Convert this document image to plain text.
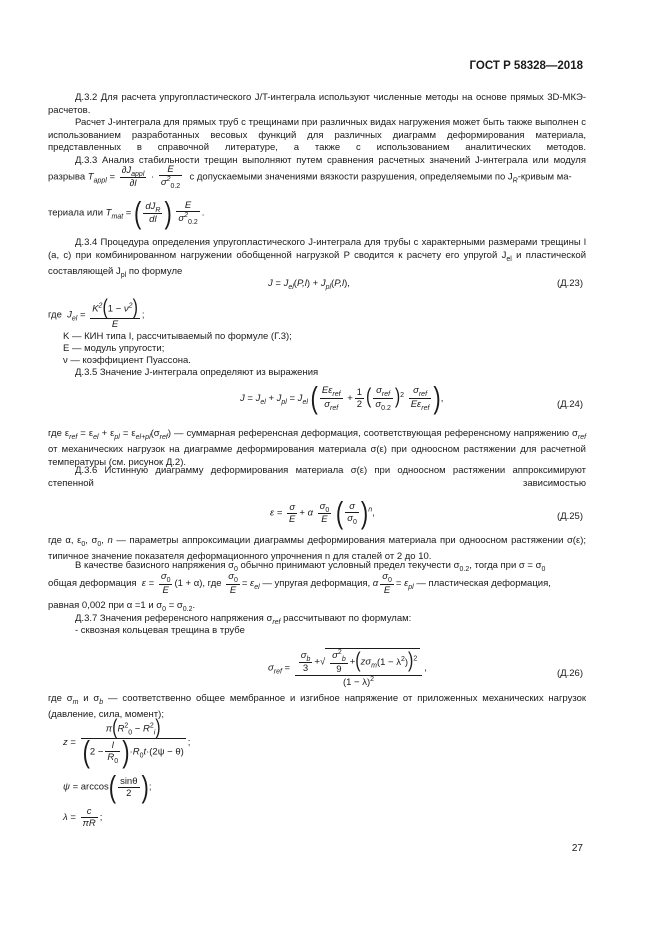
ГОСТ Р 58328—2018
Д.3.2 Для расчета упругопластического J/T-интеграла используют численные методы на основе прямых 3D-МКЭ-расчетов.
Расчет J-интеграла для прямых труб с трещинами при различных видах нагружения может быть также выполнен с использованием разработанных весовых функций для различных диаграмм деформирования материала, представленных в справочной литературе, а также с использованием аналитических методов.
Д.3.3 Анализ стабильности трещин выполняют путем сравнения расчетных значений J-интеграла или модуля
разрыва $T_{appl} = \frac{\partial J_{appl}}{\partial l} \cdot \frac{E}{\sigma^2_{0.2}}$ с допускаемыми значениями вязкости разрушения, определяемыми по $J_R$-кривым ма-
териала или $T_{mat}$ = ( $\frac{dJ_R}{dl}$ ) $\frac{E}{\sigma^2_{0.2}}$ .
Д.3.4 Процедура определения упругопластического J-интеграла для трубы с характерными размерами трещины l (a, c) при комбинированном нагружении обобщенной нагрузкой P сводится к расчету его упругой $J_{el}$ и пластической составляющей $J_{pl}$ по формуле
$J = J_{el}(P,l) + J_{pl}(P,l)$,	(Д.23)
где  $J_{el} = \frac{K^2(1 - \nu^2)}{E}$ ;
K — КИН типа I, рассчитываемый по формуле (Г.3);
E — модуль упругости;
ν — коэффициент Пуассона.
Д.3.5 Значение J-интеграла определяют из выражения
$J = J_{el} + J_{pl} = J_{el}$ ( $\frac{E\varepsilon_{ref}}{\sigma_{ref}} + \frac{1}{2}$ ( $\frac{\sigma_{ref}}{\sigma_{0.2}} )^2 \frac{\sigma_{ref}}{E\varepsilon_{ref}}$ ),
(Д.24)
где $\varepsilon_{ref} = \varepsilon_{el} + \varepsilon_{pl} = \varepsilon_{el+pl}(\sigma_{ref})$ — суммарная референсная деформация, соответствующая референсному напряжению $\sigma_{ref}$ от механических нагрузок на диаграмме деформирования материала σ(ε) при одноосном растяжении для расчетной температуры (см. рисунок Д.2).
Д.3.6 Истинную диаграмму деформирования материала σ(ε) при одноосном растяжении аппроксимируют степенной зависимостью
$\varepsilon = \frac{\sigma}{E} + \alpha \frac{\sigma_0}{E}$ ( $\frac{\sigma}{\sigma_0} )^n$,	(Д.25)
где α, $\varepsilon_0$, $\sigma_0$, n — параметры аппроксимации диаграммы деформирования материала при одноосном растяжении σ(ε); типичное значение показателя деформационного упрочнения n для сталей от 2 до 10.
В качестве базисного напряжения $\sigma_0$ обычно принимают условный предел текучести $\sigma_{0.2}$, тогда при $\sigma = \sigma_0$
общая деформация  $\varepsilon = \frac{\sigma_0}{E} (1 + \alpha)$, где $\frac{\sigma_0}{E} = \varepsilon_{el}$ — упругая деформация, α $\frac{\sigma_0}{E} = \varepsilon_{pl}$ — пластическая деформация,
равная 0,002 при α =1 и $\sigma_0 = \sigma_{0.2}$.
Д.3.7 Значения референсного напряжения $\sigma_{ref}$ рассчитывают по формулам:
- сквозная кольцевая трещина в трубе
$\sigma_{ref} = \frac{\frac{\sigma_b}{3} +√ \frac{\sigma^2_b}{9} +(z\sigma_m(1 - \lambda^2))^2}{(1 - \lambda)^2}$ ,	(Д.26)
где $\sigma_m$ и $\sigma_b$ — соответственно общее мембранное и изгибное напряжение от приложенных механических нагрузок (давление, сила, момент);
$z = \frac{\pi(R^2_0 - R^2_i)}{(2 - \frac{l}{R_0} )\cdot R_0t\cdot(2\psi - \theta)}$ ;
$\psi = \arccos( \frac{\sin\theta}{2}$ );
$\lambda = \frac{c}{\pi R}$ ;
27
